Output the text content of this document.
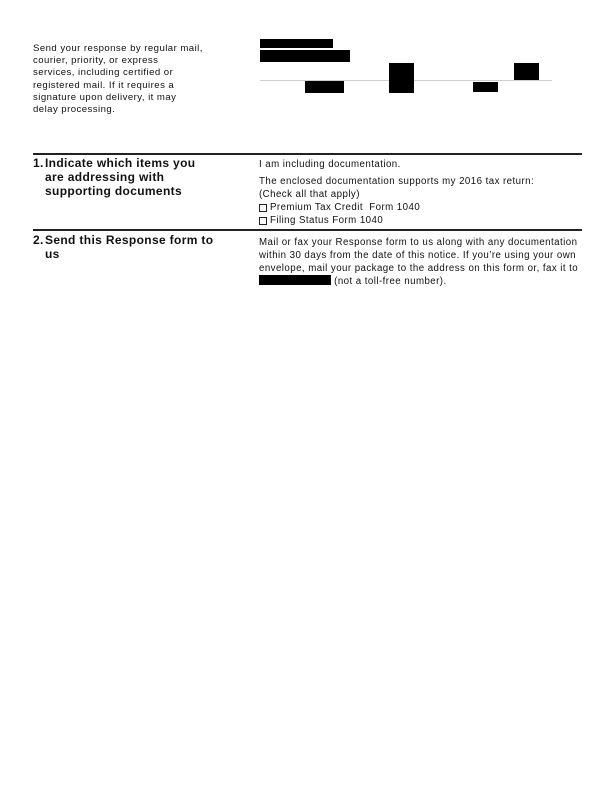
Send your response by regular mail,
courier, priority, or express
services, including certified or
registered mail. If it requires a
signature upon delivery, it may
delay processing.
1.Indicate which items you
are addressing with
supporting documents

I am including documentation.

The enclosed documentation supports my 2016 tax return:

(Check all that apply)
Premium Tax Credit  Form 1040
Filing Status Form 1040
2.Send this Response form to
us
Mail or fax your Response form to us along with any documentation within 30 days from the date of this notice. If you’re using your own envelope, mail your package to the address on this form or, fax it to  (not a toll-free number).
